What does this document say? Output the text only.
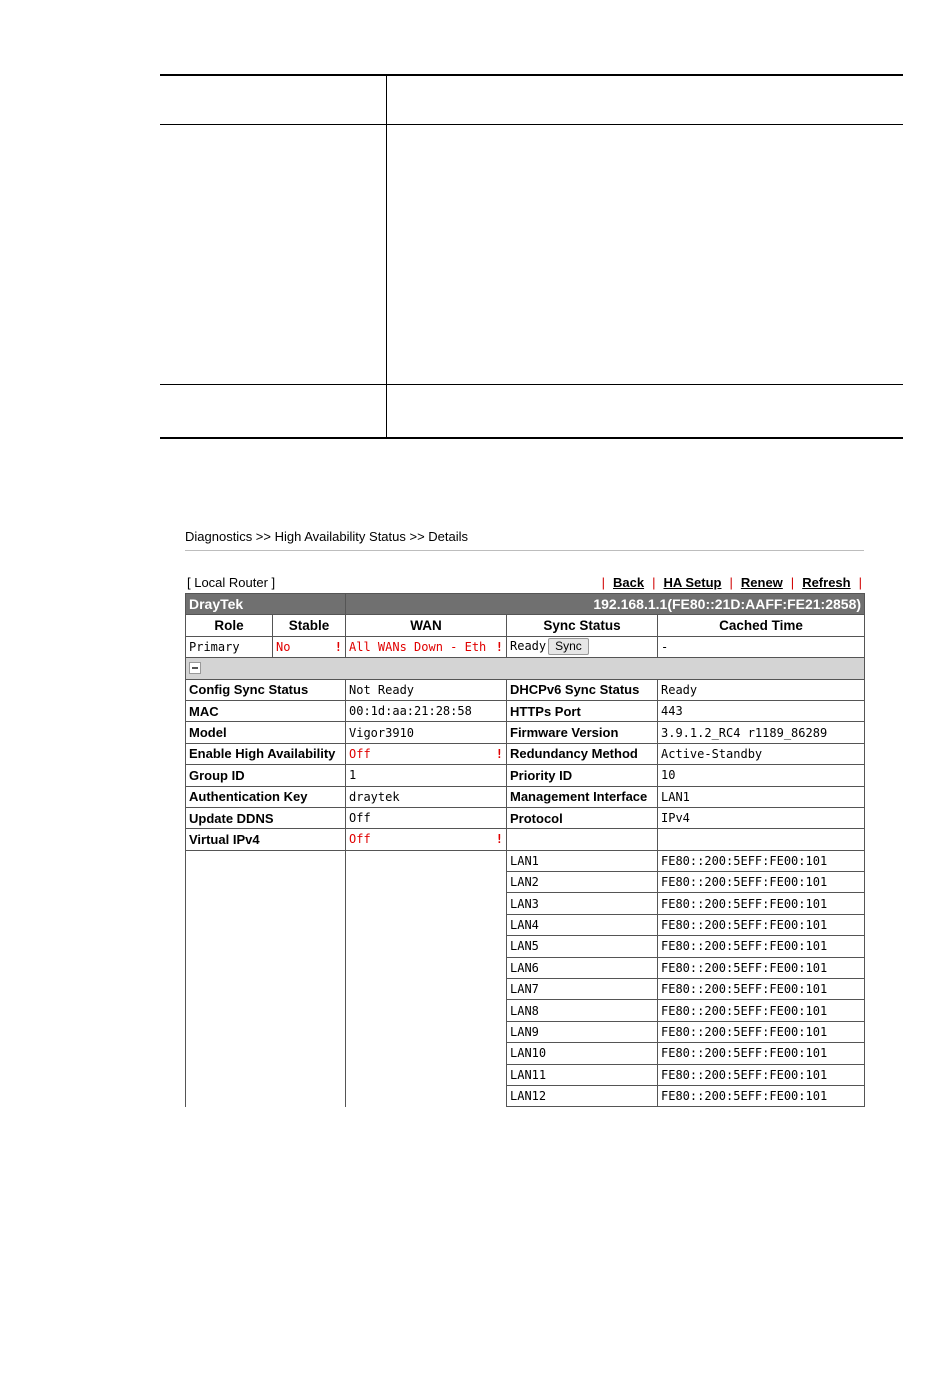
Diagnostics >> High Availability Status >> Details
[ Local Router ]	| Back | HA Setup | Renew | Refresh |
DrayTek		192.168.1.1(FE80::21D:AAFF:FE21:2858)		
Role	Stable	WAN	Sync Status	Cached Time
Primary	No !	All WANs Down - Eth !	Ready Sync	-

Config Sync Status		Not Ready	DHCPv6 Sync Status	Ready
MAC		00:1d:aa:21:28:58	HTTPs Port	443
Model		Vigor3910	Firmware Version	3.9.1.2_RC4 r1189_86289
Enable High Availability		Off !	Redundancy Method	Active-Standby
Group ID		1	Priority ID	10
Authentication Key		draytek	Management Interface	LAN1
Update DDNS		Off	Protocol	IPv4
Virtual IPv4		Off !		

			LAN1	FE80::200:5EFF:FE00:101
			LAN2	FE80::200:5EFF:FE00:101
			LAN3	FE80::200:5EFF:FE00:101
			LAN4	FE80::200:5EFF:FE00:101
			LAN5	FE80::200:5EFF:FE00:101
			LAN6	FE80::200:5EFF:FE00:101
			LAN7	FE80::200:5EFF:FE00:101
			LAN8	FE80::200:5EFF:FE00:101
			LAN9	FE80::200:5EFF:FE00:101
			LAN10	FE80::200:5EFF:FE00:101
			LAN11	FE80::200:5EFF:FE00:101
			LAN12	FE80::200:5EFF:FE00:101
